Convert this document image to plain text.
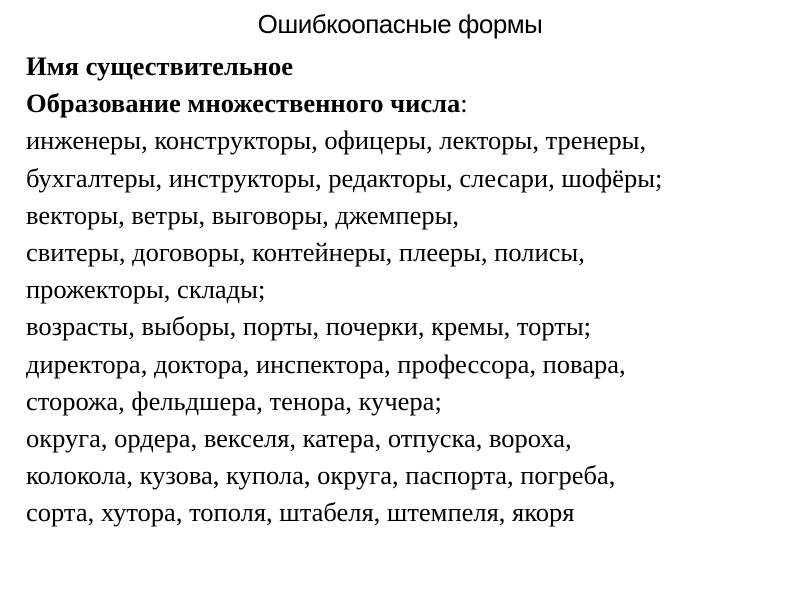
Ошибкоопасные формы
Имя существительное
Образование множественного числа:
инженеры, конструкторы, офицеры, лекторы, тренеры,
бухгалтеры, инструкторы, редакторы, слесари, шофёры;
векторы, ветры, выговоры, джемперы,
свитеры, договоры, контейнеры, плееры, полисы,
прожекторы, склады;
возрасты, выборы, порты, почерки, кремы, торты;
директора, доктора, инспектора, профессора, повара,
сторожа, фельдшера, тенора, кучера;
округа, ордера, векселя, катера, отпуска, вороха,
колокола, кузова, купола, округа, паспорта, погреба,
сорта, хутора, тополя, штабеля, штемпеля, якоря
